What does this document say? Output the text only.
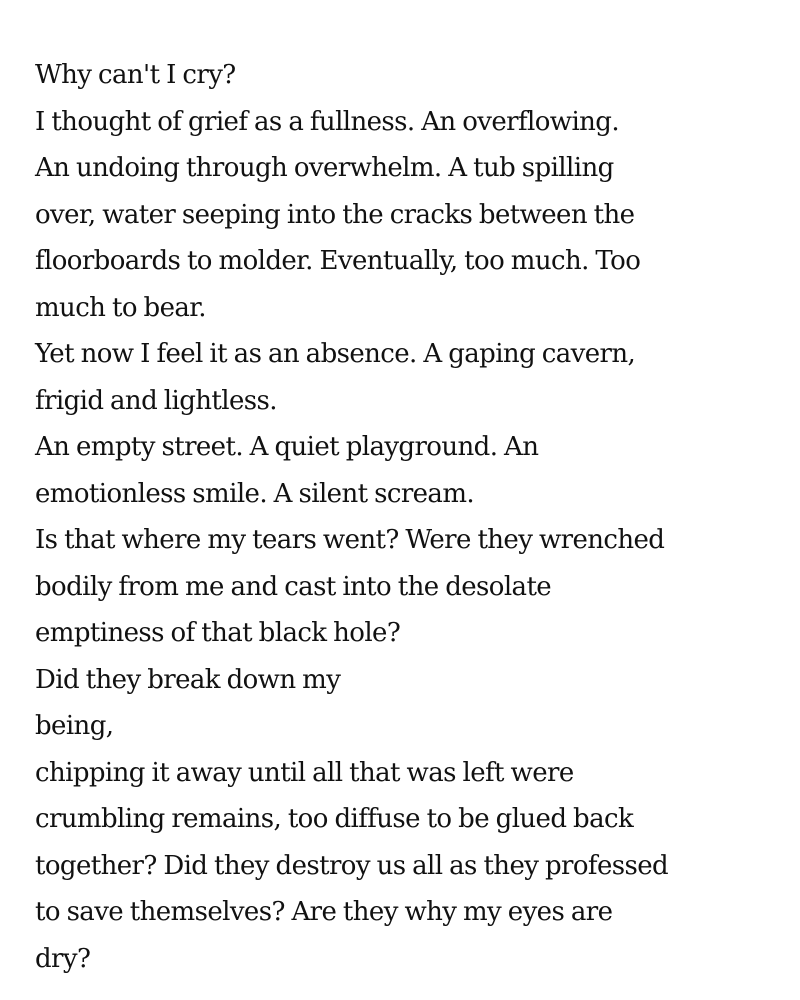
Why can't I cry?
I thought of grief as a fullness. An overflowing.
An undoing through overwhelm. A tub spilling
over, water seeping into the cracks between the
floorboards to molder. Eventually, too much. Too
much to bear.
Yet now I feel it as an absence. A gaping cavern,
frigid and lightless.
An empty street. A quiet playground. An
emotionless smile. A silent scream.
Is that where my tears went? Were they wrenched
bodily from me and cast into the desolate
emptiness of that black hole?
Did they break down my
being,
chipping it away until all that was left were
crumbling remains, too diffuse to be glued back
together? Did they destroy us all as they professed
to save themselves? Are they why my eyes are
dry?
